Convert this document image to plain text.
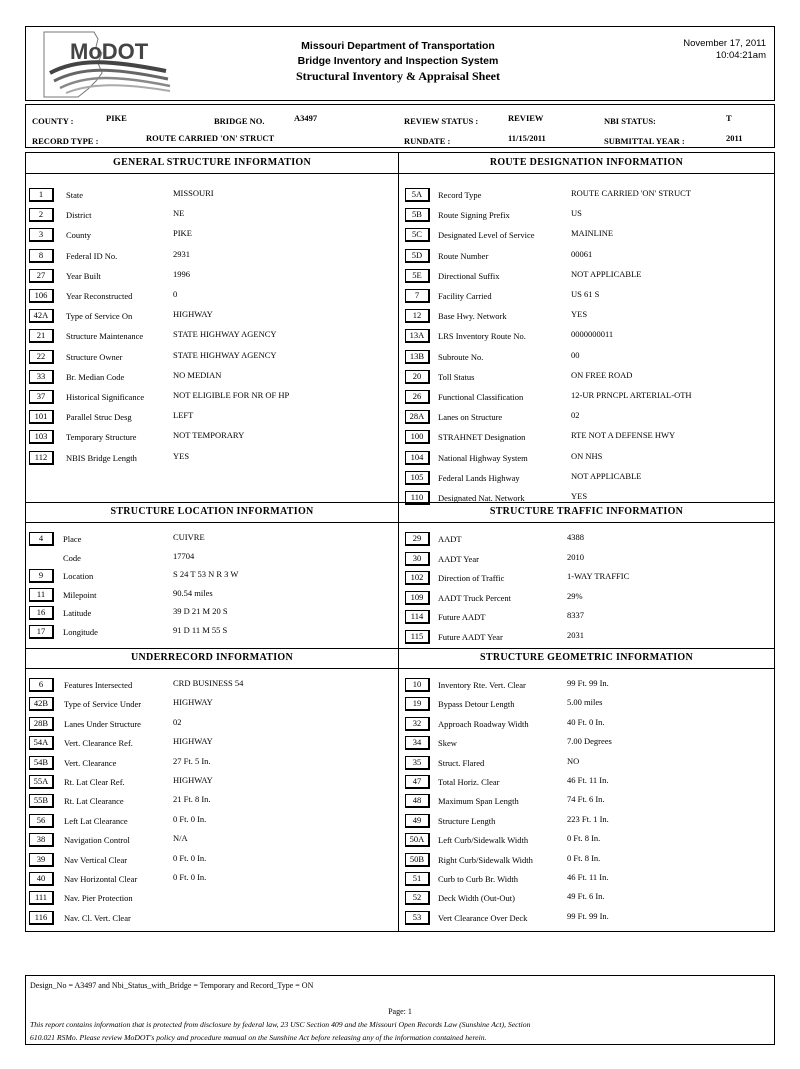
MoDOT	Missouri Department of Transportation
Bridge Inventory and Inspection System
Structural Inventory & Appraisal Sheet
November 17, 2011
10:04:21am
COUNTY :	PIKE	BRIDGE NO.	A3497	REVIEW STATUS :	REVIEW	NBI STATUS:	T
RECORD TYPE :	ROUTE CARRIED 'ON' STRUCT	RUNDATE :	11/15/2011	SUBMITTAL YEAR :	2011
GENERAL STRUCTURE INFORMATION	ROUTE DESIGNATION INFORMATION
STRUCTURE LOCATION INFORMATION	STRUCTURE TRAFFIC INFORMATION
UNDERRECORD INFORMATION	STRUCTURE GEOMETRIC INFORMATION
1	State	MISSOURI
2	District	NE
3	County	PIKE
8	Federal ID No.	2931
27	Year Built	1996
106	Year Reconstructed	0
42A	Type of Service On	HIGHWAY
21	Structure Maintenance	STATE HIGHWAY AGENCY
22	Structure Owner	STATE HIGHWAY AGENCY
33	Br. Median Code	NO MEDIAN
37	Historical Significance	NOT ELIGIBLE FOR NR OF HP
101	Parallel Struc Desg	LEFT
103	Temporary Structure	NOT TEMPORARY
112	NBIS Bridge Length	YES
5A	Record Type	ROUTE CARRIED 'ON' STRUCT
5B	Route Signing Prefix	US
5C	Designated Level of Service	MAINLINE
5D	Route Number	00061
5E	Directional Suffix	NOT APPLICABLE
7	Facility Carried	US 61 S
12	Base Hwy. Network	YES
13A	LRS Inventory Route No.	0000000011
13B	Subroute No.	00
20	Toll Status	ON FREE ROAD
26	Functional Classification	12-UR PRNCPL ARTERIAL-OTH
28A	Lanes on Structure	02
100	STRAHNET Designation	RTE NOT A DEFENSE HWY
104	National Highway System	ON NHS
105	Federal Lands Highway	NOT APPLICABLE
110	Designated Nat. Network	YES
4	Place	CUIVRE
Code	17704
9	Location	S 24 T 53 N R 3 W
11	Milepoint	90.54 miles
16	Latitude	39 D 21 M 20 S
17	Longitude	91 D 11 M 55 S
29	AADT	4388
30	AADT Year	2010
102	Direction of Traffic	1-WAY TRAFFIC
109	AADT Truck Percent	29%
114	Future AADT	8337
115	Future AADT Year	2031
6	Features Intersected	CRD BUSINESS 54
42B	Type of Service Under	HIGHWAY
28B	Lanes Under Structure	02
54A	Vert. Clearance Ref.	HIGHWAY
54B	Vert. Clearance	27 Ft. 5 In.
55A	Rt. Lat Clear Ref.	HIGHWAY
55B	Rt. Lat Clearance	21 Ft. 8 In.
56	Left Lat Clearance	0 Ft. 0 In.
38	Navigation Control	N/A
39	Nav Vertical Clear	0 Ft. 0 In.
40	Nav Horizontal Clear	0 Ft. 0 In.
111	Nav. Pier Protection
116	Nav. Cl. Vert. Clear
10	Inventory Rte. Vert. Clear	99 Ft. 99 In.
19	Bypass Detour Length	5.00 miles
32	Approach Roadway Width	40 Ft. 0 In.
34	Skew	7.00 Degrees
35	Struct. Flared	NO
47	Total Horiz. Clear	46 Ft. 11 In.
48	Maximum Span Length	74 Ft. 6 In.
49	Structure Length	223 Ft. 1 In.
50A	Left Curb/Sidewalk Width	0 Ft. 8 In.
50B	Right Curb/Sidewalk Width	0 Ft. 8 In.
51	Curb to Curb Br. Width	46 Ft. 11 In.
52	Deck Width (Out-Out)	49 Ft. 6 In.
53	Vert Clearance Over Deck	99 Ft. 99 In.
Design_No = A3497 and Nbi_Status_with_Bridge = Temporary and Record_Type = ON
Page: 1
This report contains information that is protected from disclosure by federal law, 23 USC Section 409 and the Missouri Open Records Law (Sunshine Act), Section
610.021 RSMo. Please review MoDOT's policy and procedure manual on the Sunshine Act before releasing any of the information contained herein.
